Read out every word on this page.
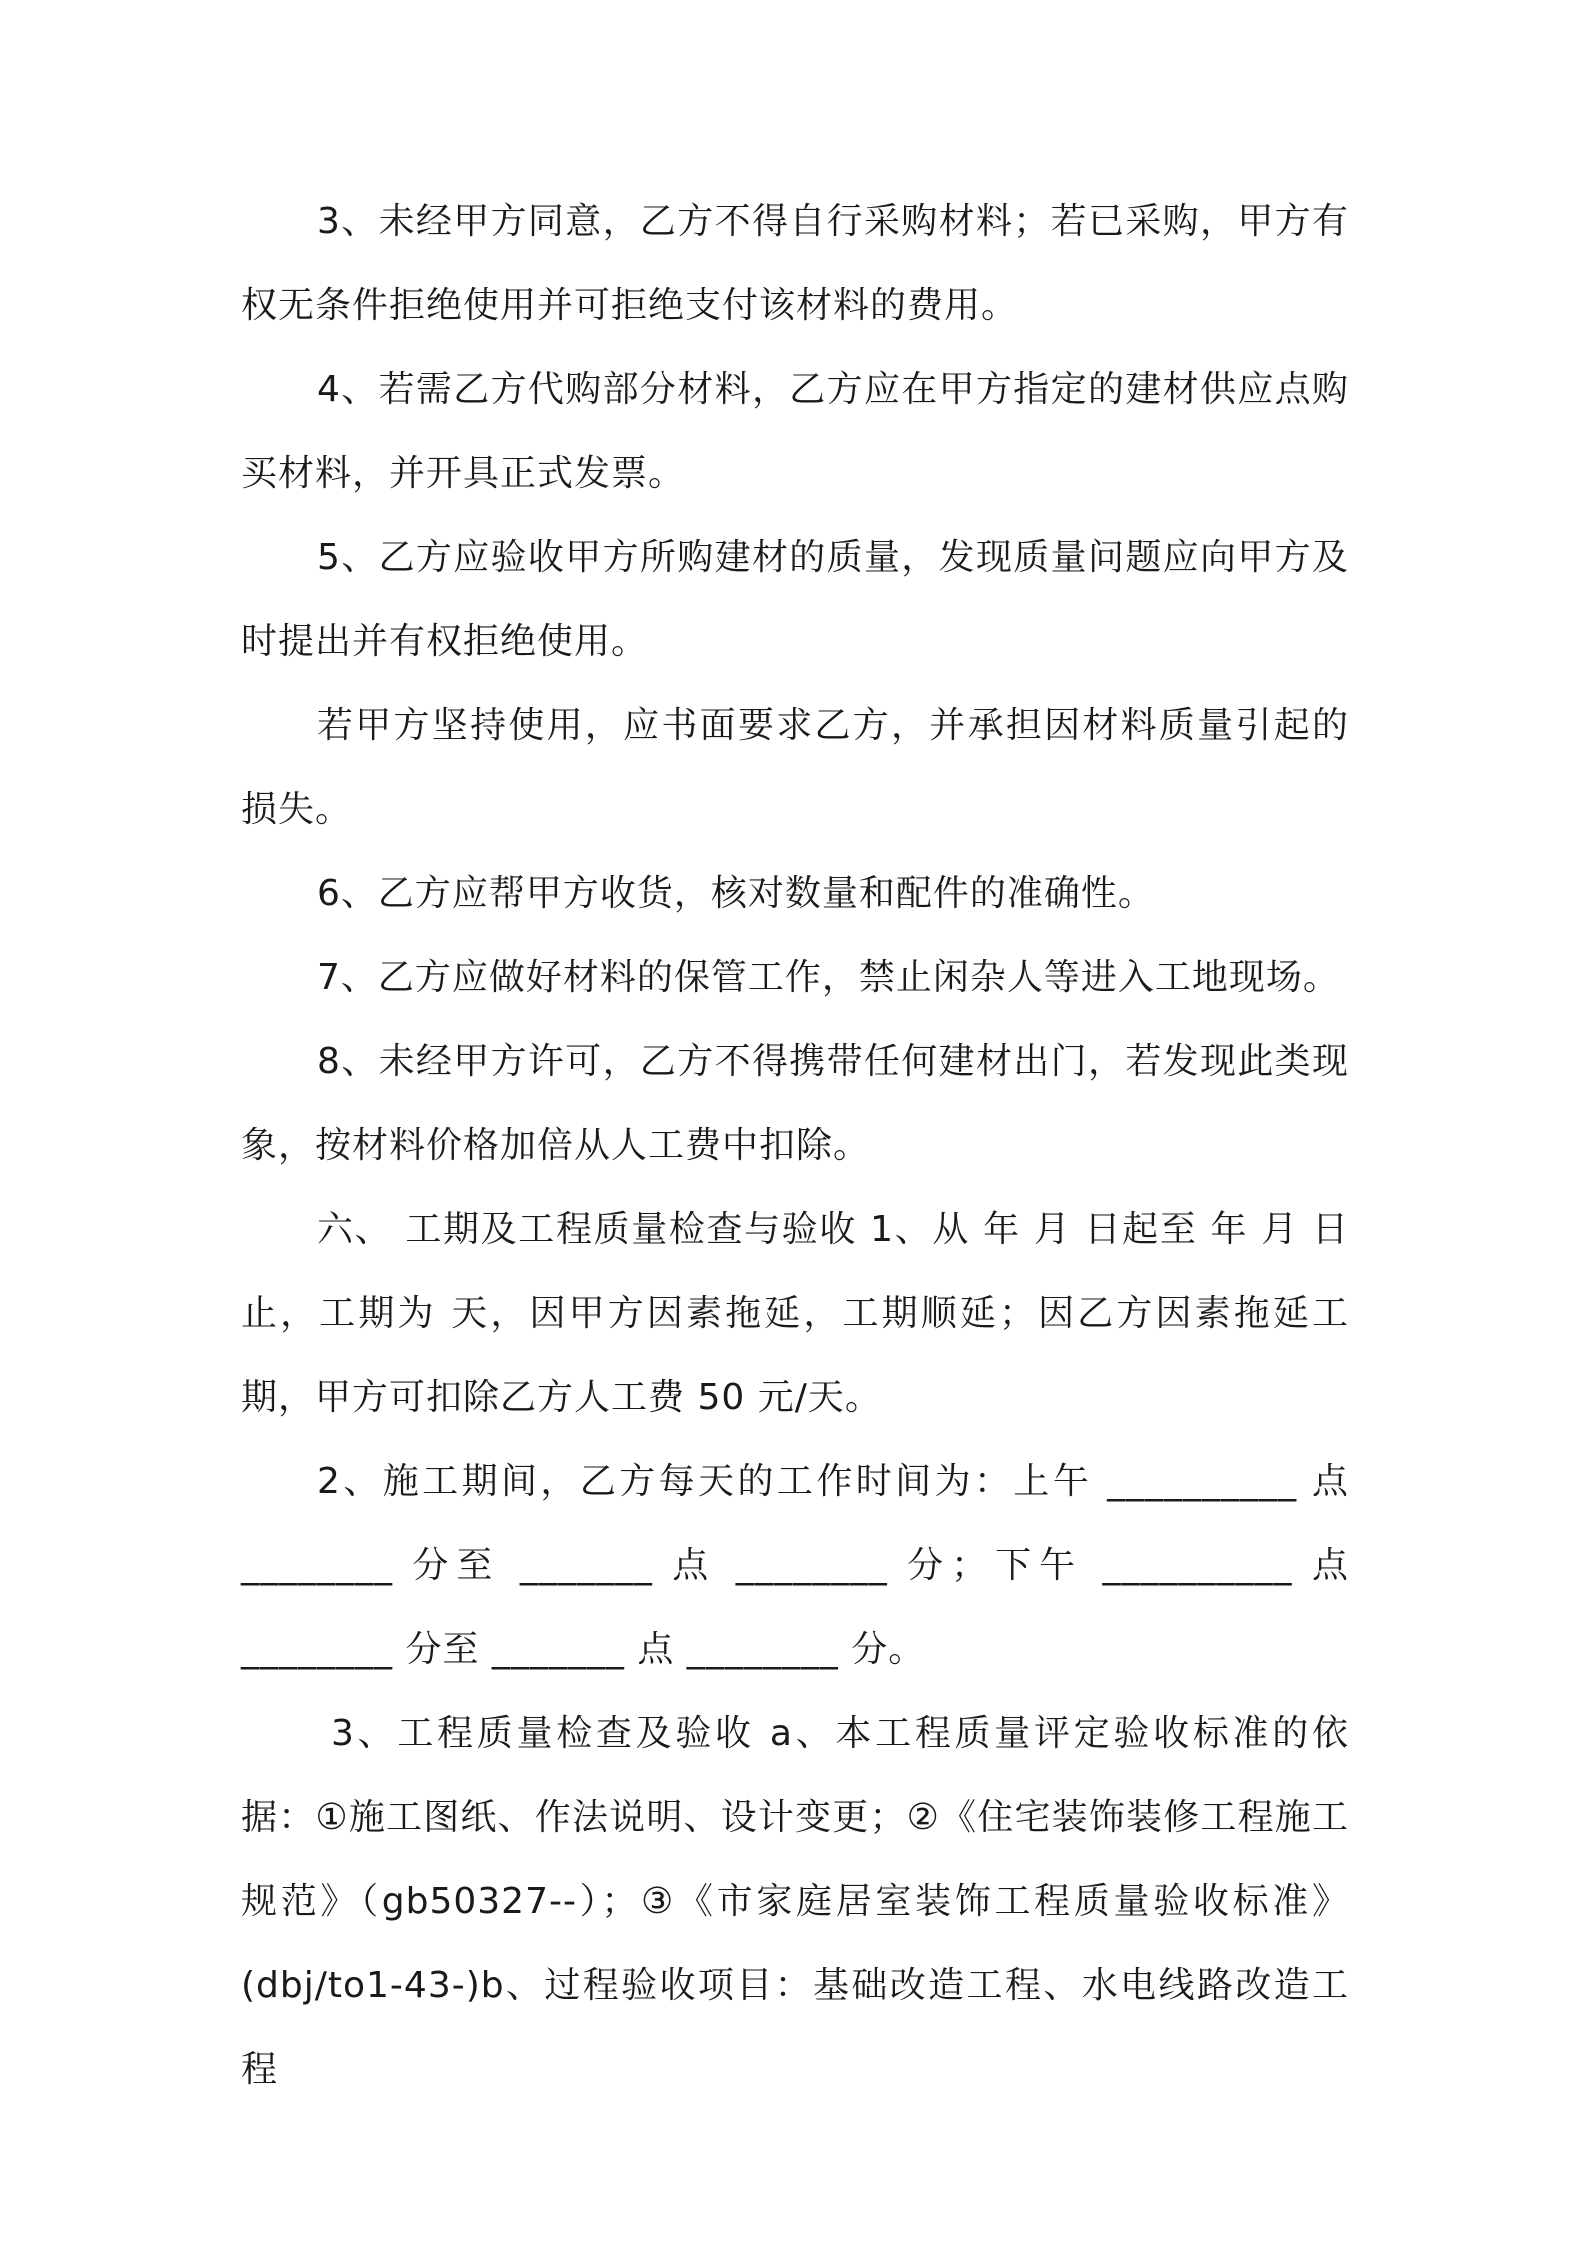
3、未经甲方同意，乙方不得自行采购材料；若已采购，甲方有权无条件拒绝使用并可拒绝支付该材料的费用。

4、若需乙方代购部分材料，乙方应在甲方指定的建材供应点购买材料，并开具正式发票。

5、乙方应验收甲方所购建材的质量，发现质量问题应向甲方及时提出并有权拒绝使用。

若甲方坚持使用，应书面要求乙方，并承担因材料质量引起的损失。

6、乙方应帮甲方收货，核对数量和配件的准确性。

7、乙方应做好材料的保管工作，禁止闲杂人等进入工地现场。

8、未经甲方许可，乙方不得携带任何建材出门，若发现此类现象，按材料价格加倍从人工费中扣除。

六、 工期及工程质量检查与验收 1、从 年 月 日起至 年 月 日止，工期为 天，因甲方因素拖延，工期顺延；因乙方因素拖延工期，甲方可扣除乙方人工费 50 元/天。

2、施工期间，乙方每天的工作时间为：上午 __________ 点 ________ 分至 _______ 点 ________ 分；下午 __________ 点 ________ 分至 _______ 点 ________ 分。

3、工程质量检查及验收 a、本工程质量评定验收标准的依据：①施工图纸、作法说明、设计变更；②《住宅装饰装修工程施工规范》（gb50327--）；③《市家庭居室装饰工程质量验收标准》(dbj/to1-43-)b、过程验收项目：基础改造工程、水电线路改造工程
